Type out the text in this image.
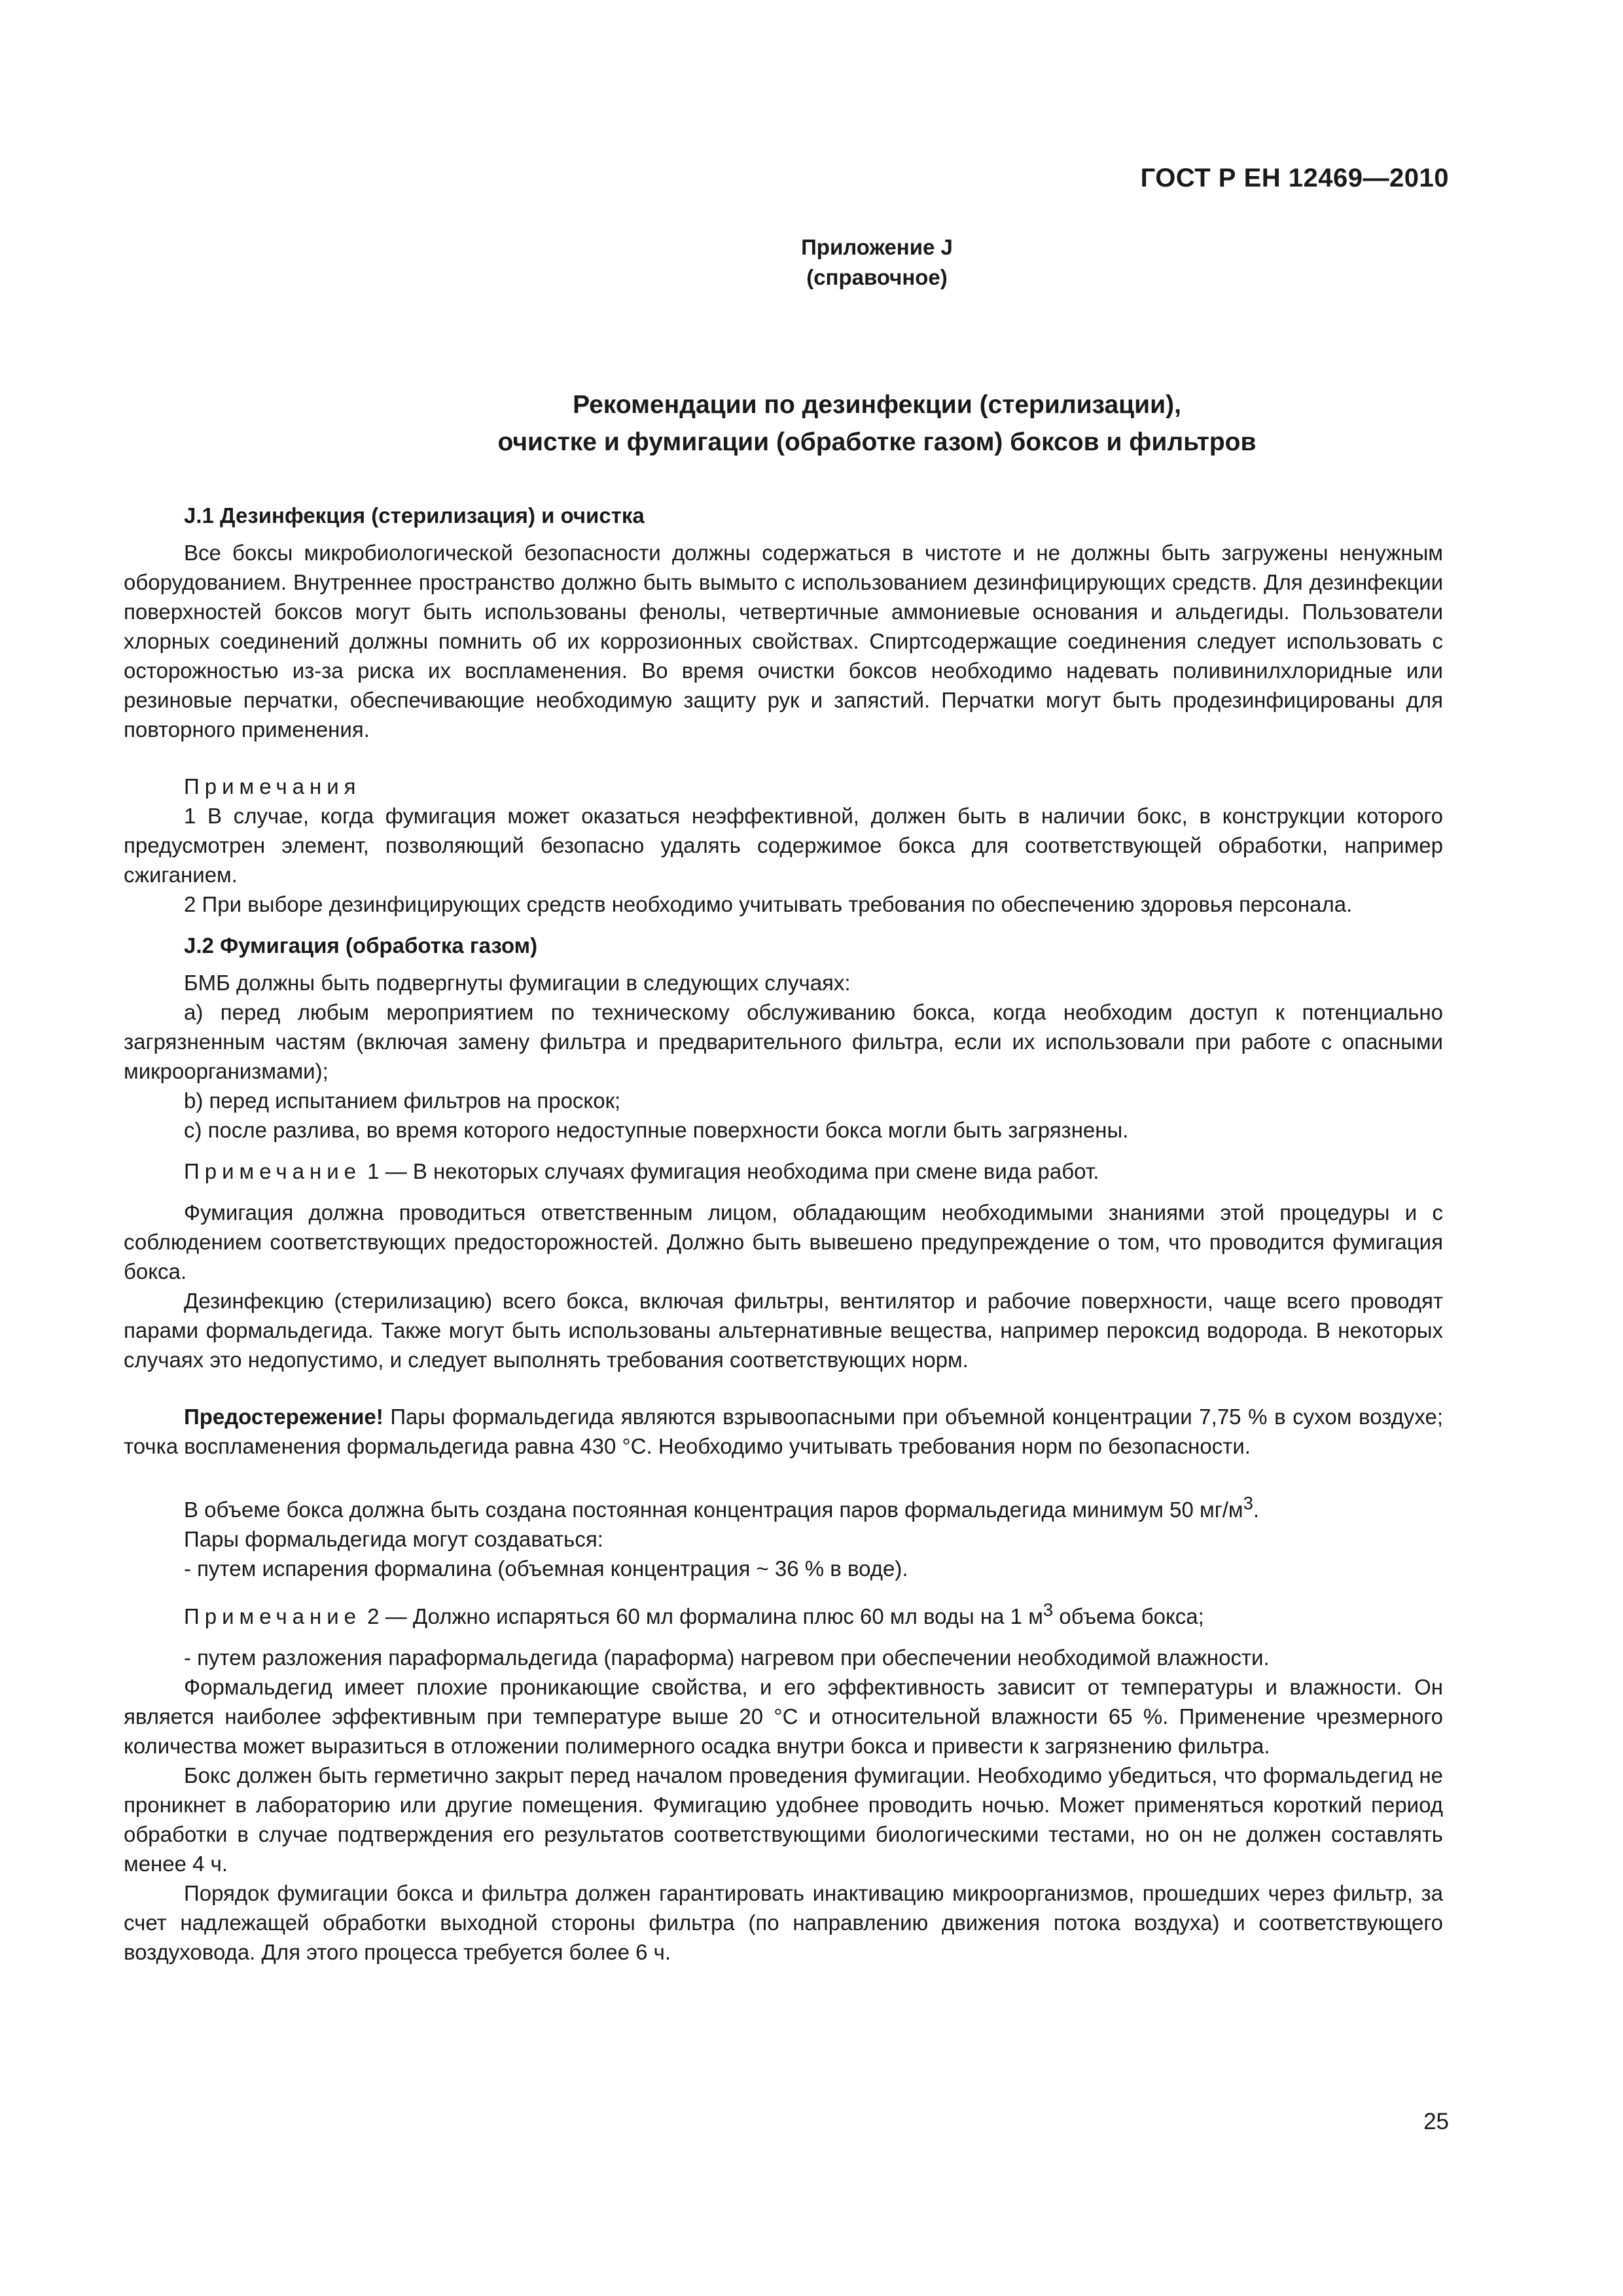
ГОСТ Р ЕН 12469—2010
Приложение J
(справочное)
Рекомендации по дезинфекции (стерилизации),
очистке и фумигации (обработке газом) боксов и фильтров

J.1 Дезинфекция (стерилизация) и очистка

Все боксы микробиологической безопасности должны содержаться в чистоте и не должны быть загружены ненужным оборудованием. Внутреннее пространство должно быть вымыто с использованием дезинфицирующих средств. Для дезинфекции поверхностей боксов могут быть использованы фенолы, четвертичные аммониевые основания и альдегиды. Пользователи хлорных соединений должны помнить об их коррозионных свойствах. Спиртсодержащие соединения следует использовать с осторожностью из-за риска их воспламенения. Во время очистки боксов необходимо надевать поливинилхлоридные или резиновые перчатки, обеспечивающие необходимую защиту рук и запястий. Перчатки могут быть продезинфицированы для повторного применения.

Примечания

1 В случае, когда фумигация может оказаться неэффективной, должен быть в наличии бокс, в конструкции которого предусмотрен элемент, позволяющий безопасно удалять содержимое бокса для соответствующей обработки, например сжиганием.

2 При выборе дезинфицирующих средств необходимо учитывать требования по обеспечению здоровья персонала.

J.2 Фумигация (обработка газом)

БМБ должны быть подвергнуты фумигации в следующих случаях:

a) перед любым мероприятием по техническому обслуживанию бокса, когда необходим доступ к потенциально загрязненным частям (включая замену фильтра и предварительного фильтра, если их использовали при работе с опасными микроорганизмами);

b) перед испытанием фильтров на проскок;

c) после разлива, во время которого недоступные поверхности бокса могли быть загрязнены.

Примечание 1 — В некоторых случаях фумигация необходима при смене вида работ.

Фумигация должна проводиться ответственным лицом, обладающим необходимыми знаниями этой процедуры и с соблюдением соответствующих предосторожностей. Должно быть вывешено предупреждение о том, что проводится фумигация бокса.

Дезинфекцию (стерилизацию) всего бокса, включая фильтры, вентилятор и рабочие поверхности, чаще всего проводят парами формальдегида. Также могут быть использованы альтернативные вещества, например пероксид водорода. В некоторых случаях это недопустимо, и следует выполнять требования соответствующих норм.

Предостережение! Пары формальдегида являются взрывоопасными при объемной концентрации 7,75 % в сухом воздухе; точка воспламенения формальдегида равна 430 °С. Необходимо учитывать требования норм по безопасности.

В объеме бокса должна быть создана постоянная концентрация паров формальдегида минимум 50 $мг/м^3$.

Пары формальдегида могут создаваться:

- путем испарения формалина (объемная концентрация ~ 36 % в воде).

Примечание 2 — Должно испаряться 60 мл формалина плюс 60 мл воды на 1 $м^3$ объема бокса;

- путем разложения параформальдегида (параформа) нагревом при обеспечении необходимой влажности.

Формальдегид имеет плохие проникающие свойства, и его эффективность зависит от температуры и влажности. Он является наиболее эффективным при температуре выше 20 °С и относительной влажности 65 %. Применение чрезмерного количества может выразиться в отложении полимерного осадка внутри бокса и привести к загрязнению фильтра.

Бокс должен быть герметично закрыт перед началом проведения фумигации. Необходимо убедиться, что формальдегид не проникнет в лабораторию или другие помещения. Фумигацию удобнее проводить ночью. Может применяться короткий период обработки в случае подтверждения его результатов соответствующими биологическими тестами, но он не должен составлять менее 4 ч.

Порядок фумигации бокса и фильтра должен гарантировать инактивацию микроорганизмов, прошедших через фильтр, за счет надлежащей обработки выходной стороны фильтра (по направлению движения потока воздуха) и соответствующего воздуховода. Для этого процесса требуется более 6 ч.

25
